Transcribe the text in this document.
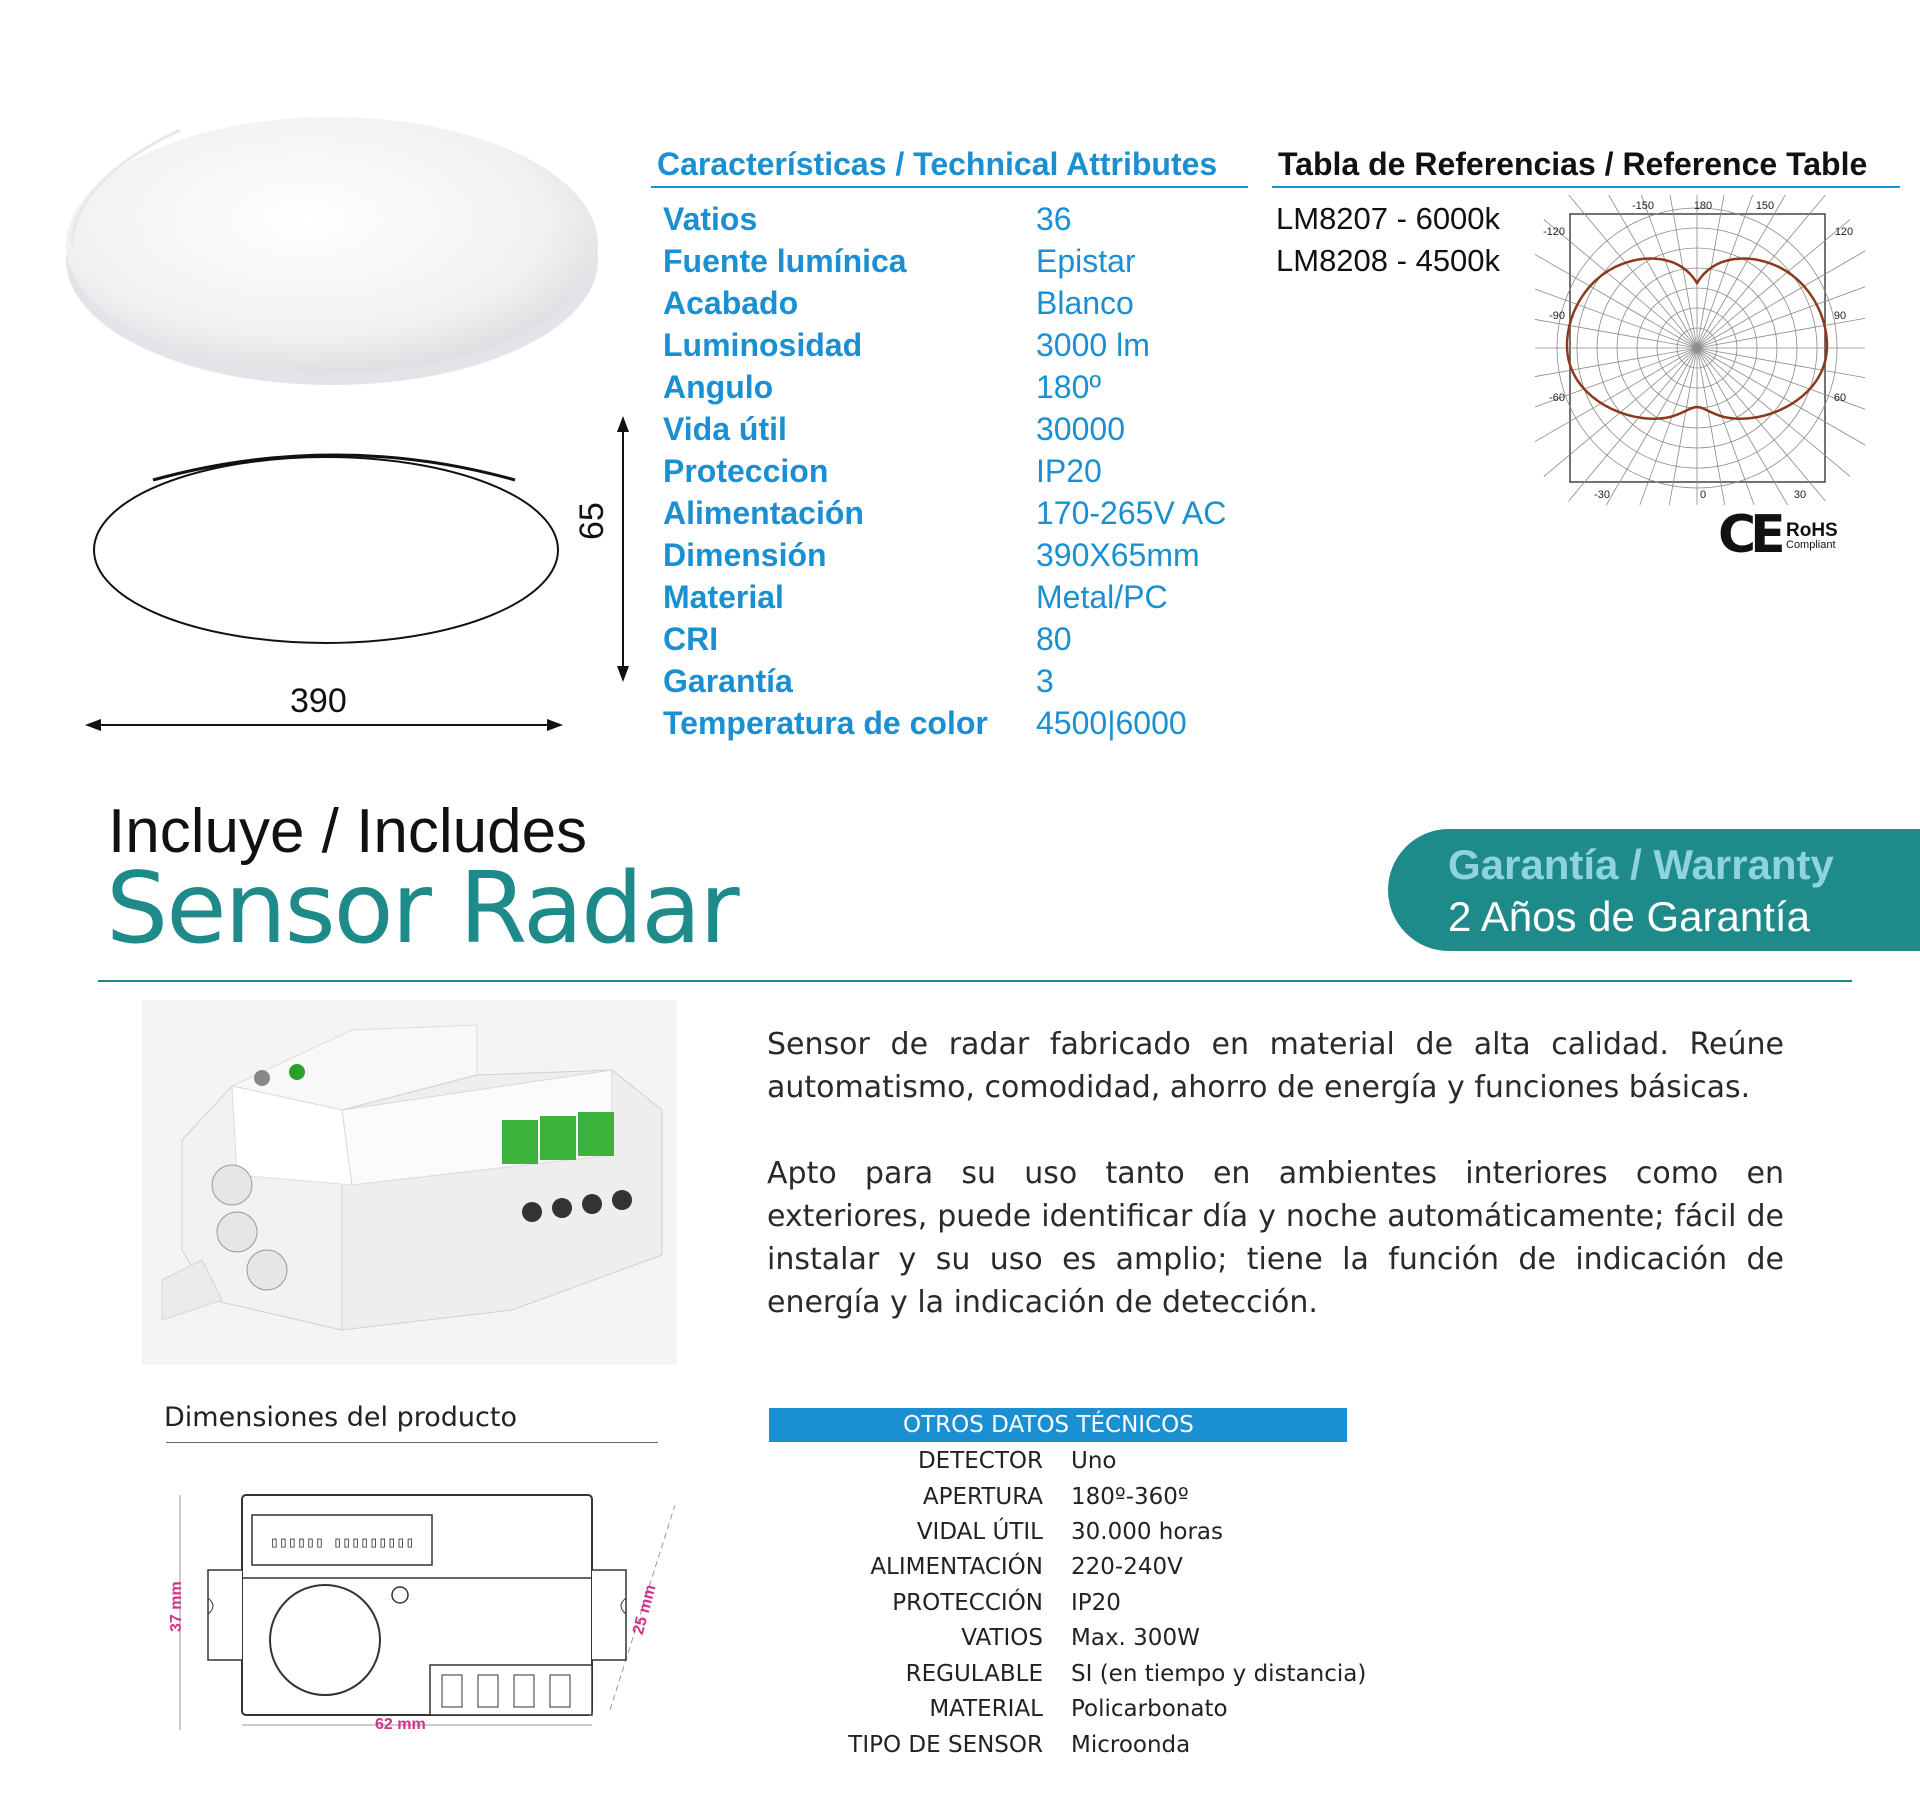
65
390
Características / Technical Attributes
Vatios	36
Fuente lumínica	Epistar
Acabado	Blanco
Luminosidad	3000 lm
Angulo	180º
Vida útil	30000
Proteccion	IP20
Alimentación	170-265V AC
Dimensión	390X65mm
Material	Metal/PC
CRI	80
Garantía	3
Temperatura de color 4500|6000
Tabla de Referencias / Reference Table
LM8207 - 6000k
LM8208 - 4500k
-150	180	150
-120
-90
-60
120
90
60
-30	0	30
CE RoHS
Compliant
Incluye / Includes
Sensor Radar	Garantía / Warranty
2 Años de Garantía
Sensor de radar fabricado en material de alta calidad. Reúne automatismo, comodidad, ahorro de energía y funciones básicas.
Apto para su uso tanto en ambientes interiores como en exteriores, puede identificar día y noche automáticamente; fácil de instalar y su uso es amplio; tiene la función de indicación de energía y la indicación de detección.
Dimensiones del producto
▯▯▯▯▯▯ ▯▯▯▯▯▯▯▯▯
37 mm
62 mm
25 mm
OTROS DATOS TÉCNICOS
DETECTOR Uno
APERTURA 180º-360º
VIDAL ÚTIL 30.000 horas
ALIMENTACIÓN 220-240V
PROTECCIÓN IP20
VATIOS Max. 300W
REGULABLE SI (en tiempo y distancia)
MATERIAL Policarbonato
TIPO DE SENSOR Microonda
